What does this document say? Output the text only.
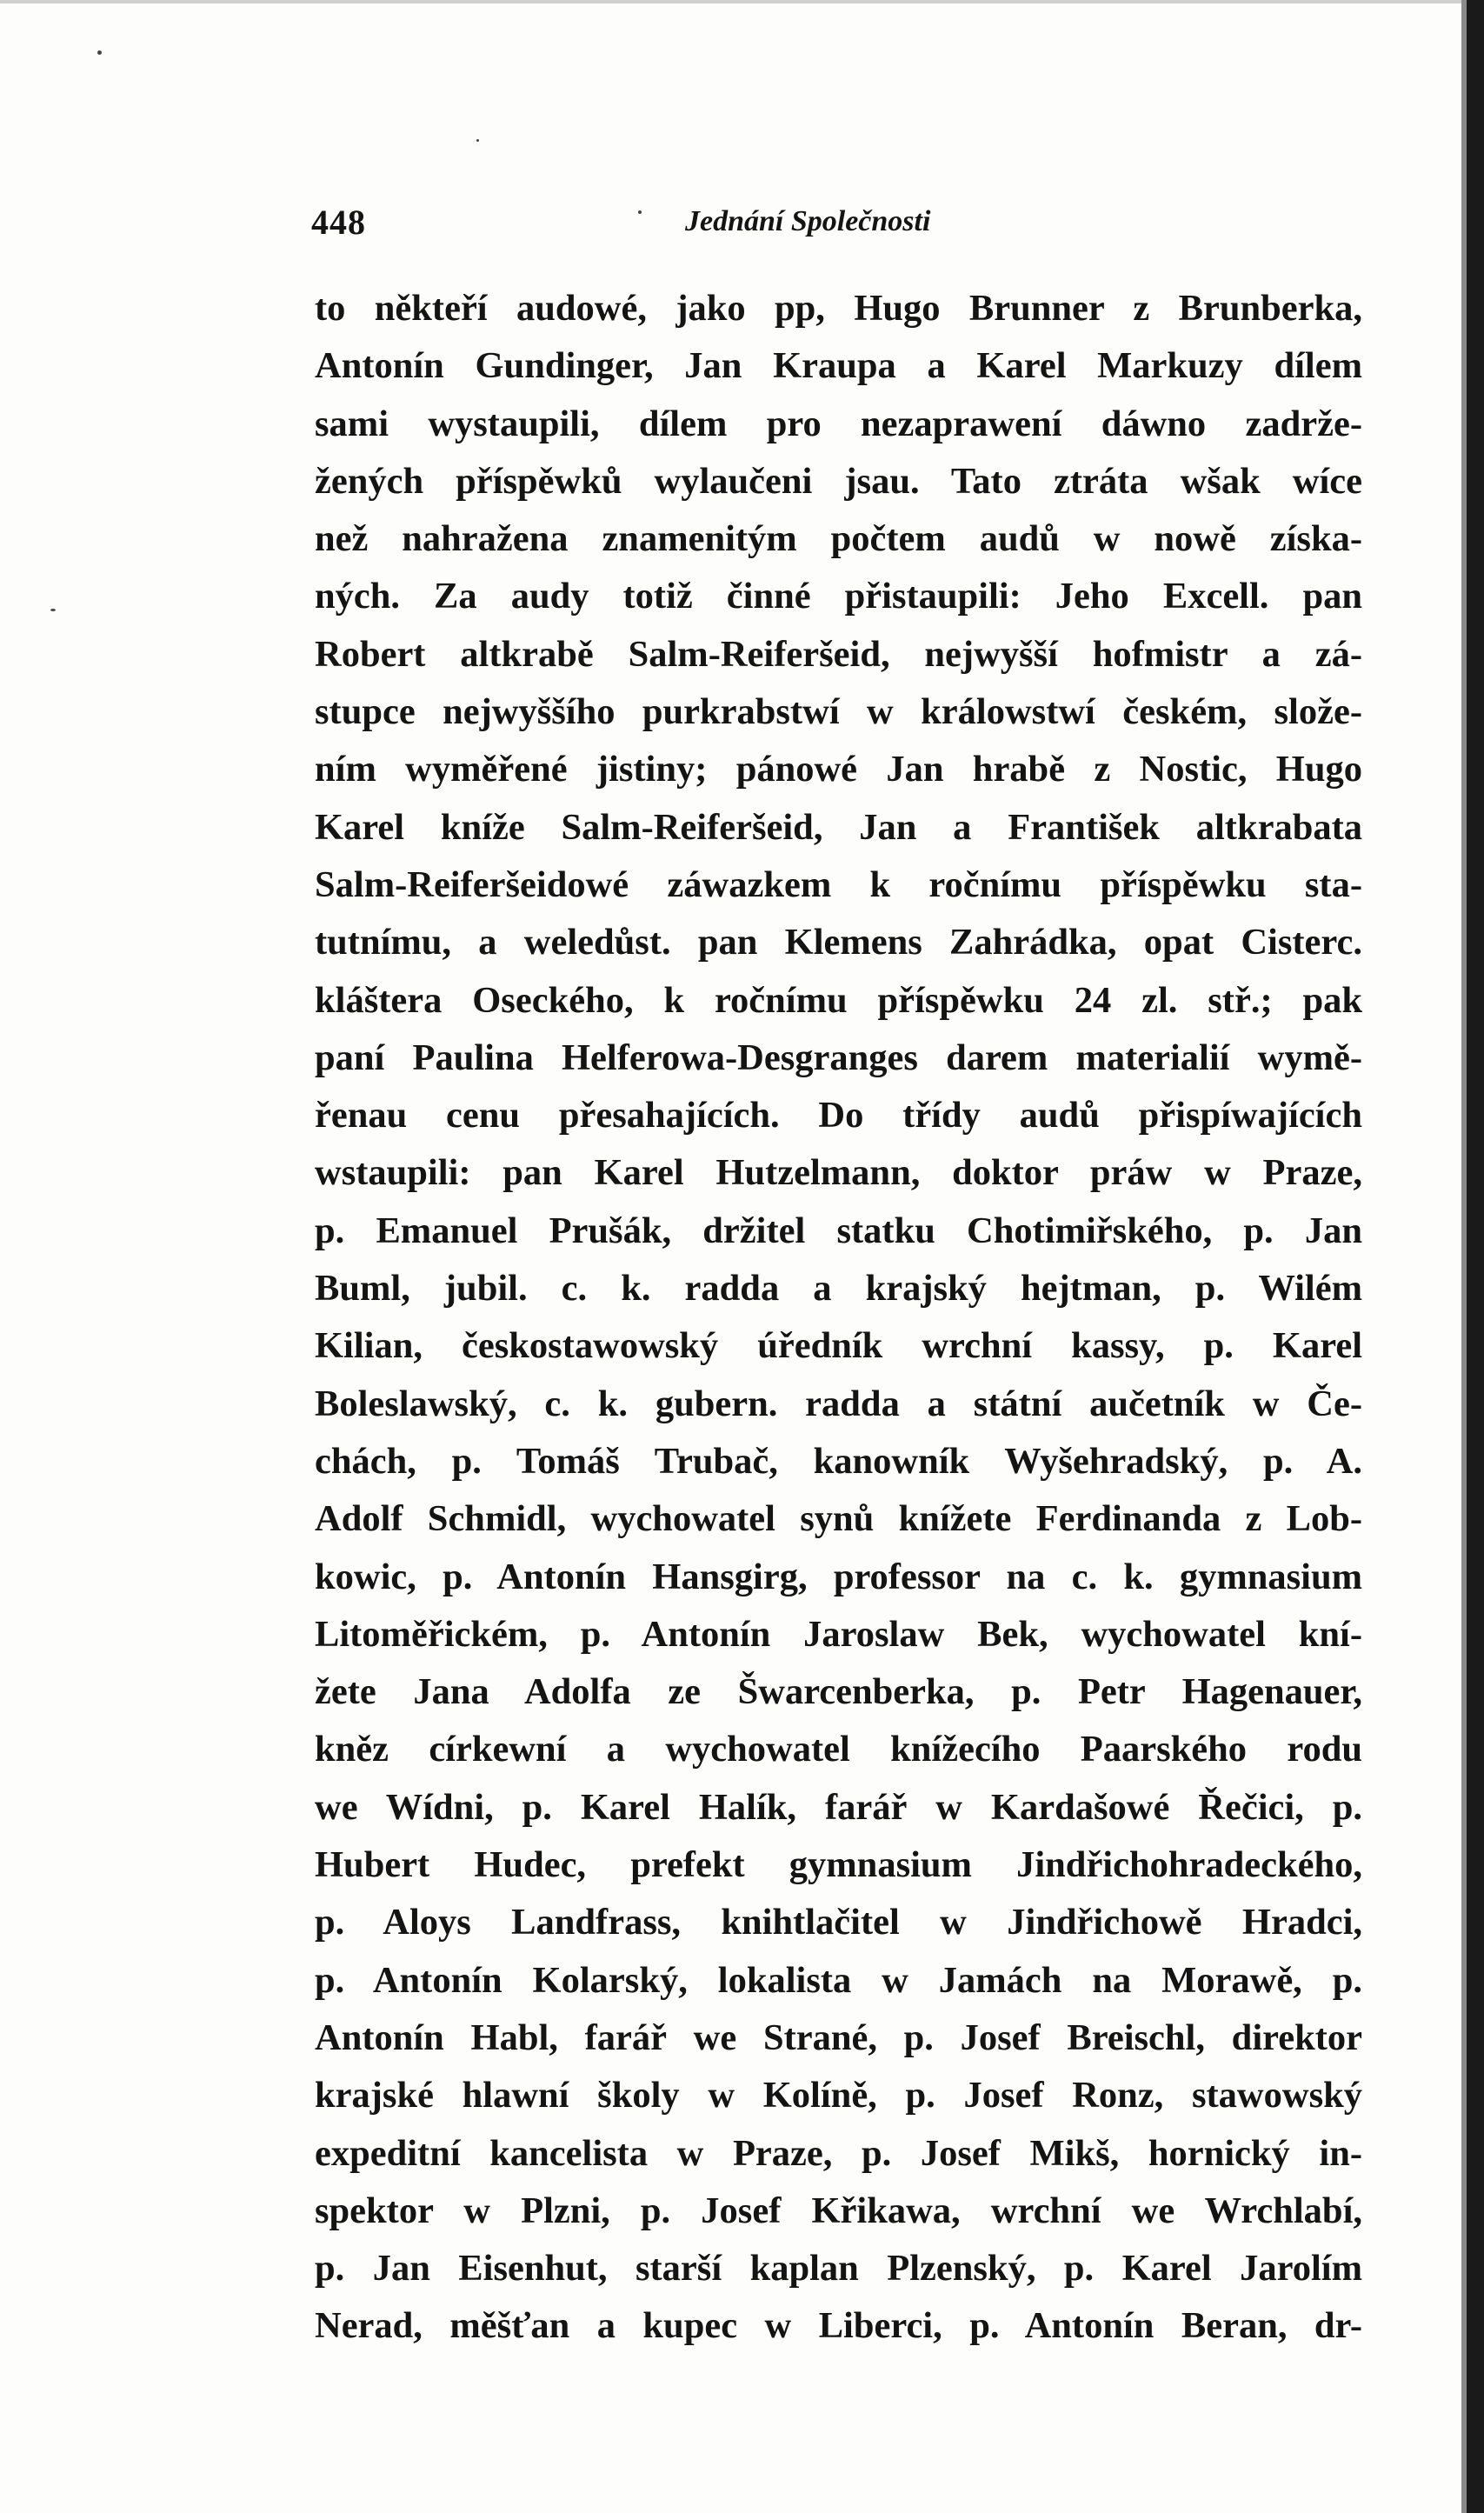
448	Jednání Společnosti
to někteří audowé, jako pp, Hugo Brunner z Brunberka,
Antonín Gundinger, Jan Kraupa a Karel Markuzy dílem
sami wystaupili, dílem pro nezaprawení dáwno zadrže-
žených příspěwků wylaučeni jsau. Tato ztráta wšak wíce
než nahražena znamenitým počtem audů w nowě získa-
ných. Za audy totiž činné přistaupili: Jeho Excell. pan
Robert altkrabě Salm-Reiferšeid, nejwyšší hofmistr a zá-
stupce nejwyššího purkrabstwí w králowstwí českém, slože-
ním wyměřené jistiny; pánowé Jan hrabě z Nostic, Hugo
Karel kníže Salm-Reiferšeid, Jan a František altkrabata
Salm-Reiferšeidowé záwazkem k ročnímu příspěwku sta-
tutnímu, a weledůst. pan Klemens Zahrádka, opat Cisterc.
kláštera Oseckého, k ročnímu příspěwku 24 zl. stř.; pak
paní Paulina Helferowa-Desgranges darem materialií wymě-
řenau cenu přesahajících. Do třídy audů přispíwajících
wstaupili: pan Karel Hutzelmann, doktor práw w Praze,
p. Emanuel Prušák, držitel statku Chotimiřského, p. Jan
Buml, jubil. c. k. radda a krajský hejtman, p. Wilém
Kilian, českostawowský úředník wrchní kassy, p. Karel
Boleslawský, c. k. gubern. radda a státní aučetník w Če-
chách, p. Tomáš Trubač, kanowník Wyšehradský, p. A.
Adolf Schmidl, wychowatel synů knížete Ferdinanda z Lob-
kowic, p. Antonín Hansgirg, professor na c. k. gymnasium
Litoměřickém, p. Antonín Jaroslaw Bek, wychowatel kní-
žete Jana Adolfa ze Šwarcenberka, p. Petr Hagenauer,
kněz církewní a wychowatel knížecího Paarského rodu
we Wídni, p. Karel Halík, farář w Kardašowé Řečici, p.
Hubert Hudec, prefekt gymnasium Jindřichohradeckého,
p. Aloys Landfrass, knihtlačitel w Jindřichowě Hradci,
p. Antonín Kolarský, lokalista w Jamách na Morawě, p.
Antonín Habl, farář we Strané, p. Josef Breischl, direktor
krajské hlawní školy w Kolíně, p. Josef Ronz, stawowský
expeditní kancelista w Praze, p. Josef Mikš, hornický in-
spektor w Plzni, p. Josef Křikawa, wrchní we Wrchlabí,
p. Jan Eisenhut, starší kaplan Plzenský, p. Karel Jarolím
Nerad, měšťan a kupec w Liberci, p. Antonín Beran, dr-
